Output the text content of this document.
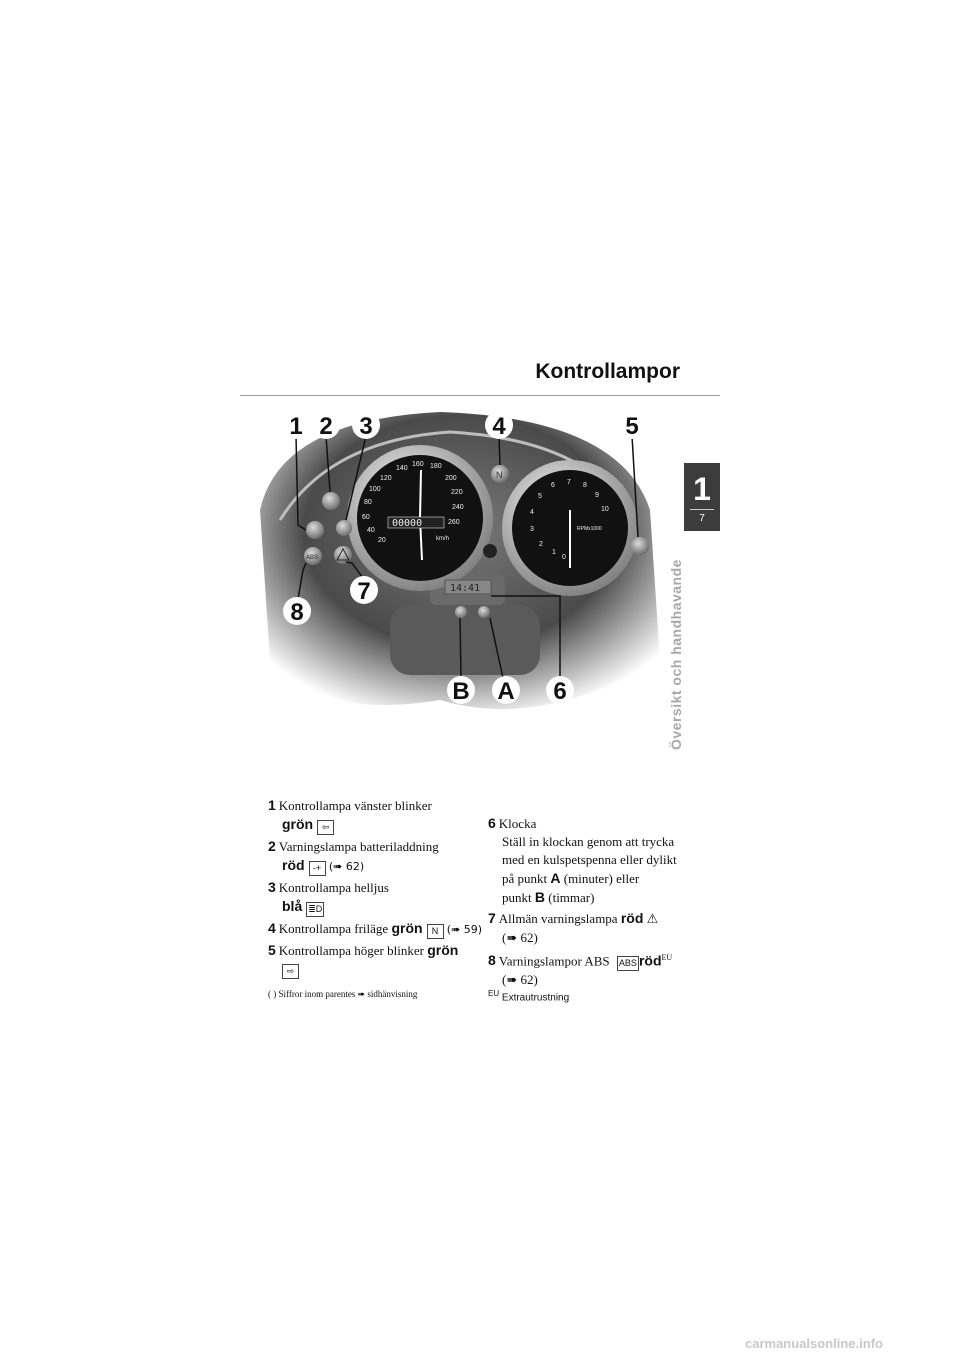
Kontrollampor
1
7
Översikt och handhavande
00000
20
40
60
80
100
120
140
160 180
200
220
240
260
km/h
0
1
2
3
4
5
6 7 8
9
10
RPMx1000
N
ABS
14:41
1 2 3	4	5
6
7
8
A
B
1 Kontrollampa vänster blinker
grön ⇦
2 Varningslampa batteriladdning
röd -+ (➠ 62)
3 Kontrollampa helljus
blå ≣D
4 Kontrollampa friläge grön N (➠ 59)
5 Kontrollampa höger blinker grön
⇨
6 Klocka
Ställ in klockan genom att trycka
med en kulspetspenna eller dylikt
på punkt A (minuter) eller
punkt B (timmar)
7 Allmän varningslampa röd ⚠
(➠ 62)
8 Varningslampor ABS ABS röd$^{EU}$
(➠ 62)
( ) Siffror inom parentes ➠ sidhänvisning	$^{EU}$ Extrautrustning
carmanualsonline.info
